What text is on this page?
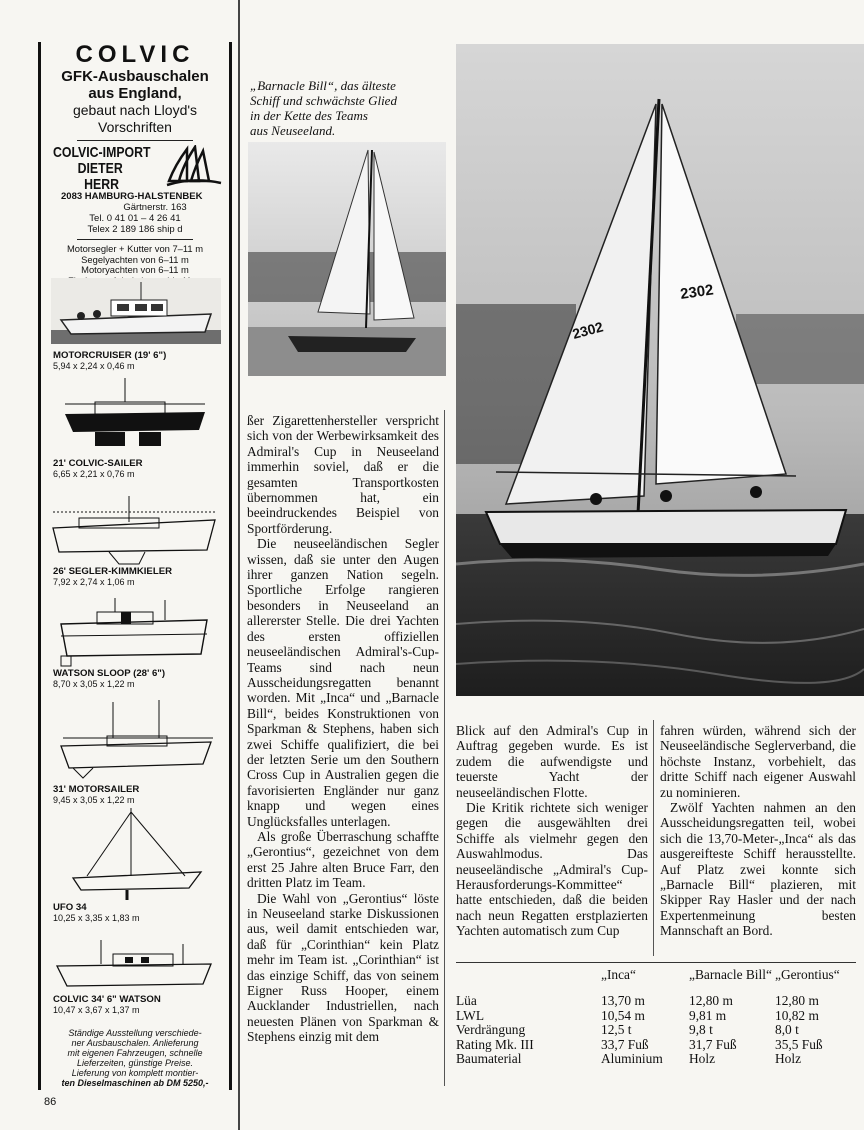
COLVIC
GFK-Ausbauschalen
aus England,
gebaut nach Lloyd's
Vorschriften
COLVIC-IMPORT
DIETER
HERR
2083 HAMBURG-HALSTENBEK
Gärtnerstr. 163
Tel. 0 41 01 – 4 26 41
Telex 2 189 186 ship d
Motorsegler + Kutter von 7–11 m
Segelyachten von 6–11 m
Motoryachten von 6–11 m
MOTORCRUISER (19' 6")
5,94 x 2,24 x 0,46 m
21' COLVIC-SAILER
6,65 x 2,21 x 0,76 m
26' SEGLER-KIMMKIELER
7,92 x 2,74 x 1,06 m
WATSON SLOOP (28' 6")
8,70 x 3,05 x 1,22 m
31' MOTORSAILER
9,45 x 3,05 x 1,22 m
UFO 34
10,25 x 3,35 x 1,83 m
COLVIC 34' 6" WATSON
10,47 x 3,67 x 1,37 m
Ständige Ausstellung verschiede-
ner Ausbauschalen. Anlieferung
mit eigenen Fahrzeugen, schnelle
Lieferzeiten, günstige Preise.
Lieferung von komplett montier-
ten Dieselmaschinen ab DM 5250,-
„Barnacle Bill“, das älteste
Schiff und schwächste Glied
in der Kette des Teams
aus Neuseeland.
2302
2302

ßer Zigarettenhersteller verspricht sich von der Werbewirksamkeit des Admiral's Cup in Neuseeland immerhin soviel, daß er die gesamten Transportkosten übernommen hat, ein beeindruckendes Beispiel von Sportförderung.

Die neuseeländischen Segler wissen, daß sie unter den Augen ihrer ganzen Nation segeln. Sportliche Erfolge rangieren besonders in Neuseeland an allererster Stelle. Die drei Yachten des ersten offiziellen neuseeländischen Admiral's-Cup-Teams sind nach neun Ausscheidungsregatten benannt worden. Mit „Inca“ und „Barnacle Bill“, beides Konstruktionen von Sparkman & Stephens, haben sich zwei Schiffe qualifiziert, die bei der letzten Serie um den Southern Cross Cup in Australien gegen die favorisierten Engländer nur ganz knapp und wegen eines Unglücksfalles unterlagen.

Als große Überraschung schaffte „Gerontius“, gezeichnet von dem erst 25 Jahre alten Bruce Farr, den dritten Platz im Team.

Die Wahl von „Gerontius“ löste in Neuseeland starke Diskussionen aus, weil damit entschieden war, daß für „Corinthian“ kein Platz mehr im Team ist. „Corinthian“ ist das einzige Schiff, das von seinem Eigner Russ Hooper, einem Aucklander Industriellen, nach neuesten Plänen von Sparkman & Stephens einzig mit dem

Blick auf den Admiral's Cup in Auftrag gegeben wurde. Es ist zudem die aufwendigste und teuerste Yacht der neuseeländischen Flotte.

Die Kritik richtete sich weniger gegen die ausgewählten drei Schiffe als vielmehr gegen den Auswahlmodus. Das neuseeländische „Admiral's Cup-Herausforderungs-Kommittee“ hatte entschieden, daß die beiden nach neun Regatten erstplazierten Yachten automatisch zum Cup

fahren würden, während sich der Neuseeländische Seglerverband, die höchste Instanz, vorbehielt, das dritte Schiff nach eigener Auswahl zu nominieren.

Zwölf Yachten nahmen an den Ausscheidungsregatten teil, wobei sich die 13,70-Meter-„Inca“ als das ausgereifteste Schiff herausstellte. Auf Platz zwei konnte sich „Barnacle Bill“ plazieren, mit Skipper Ray Hasler und der nach Expertenmeinung besten Mannschaft an Bord.

	„Inca“	„Barnacle Bill“	„Gerontius“
Lüa	13,70 m	12,80 m	12,80 m
LWL	10,54 m	9,81 m	10,82 m
Verdrängung	12,5 t	9,8 t	8,0 t
Rating Mk. III	33,7 Fuß	31,7 Fuß	35,5 Fuß
Baumaterial	Aluminium	Holz	Holz
86
